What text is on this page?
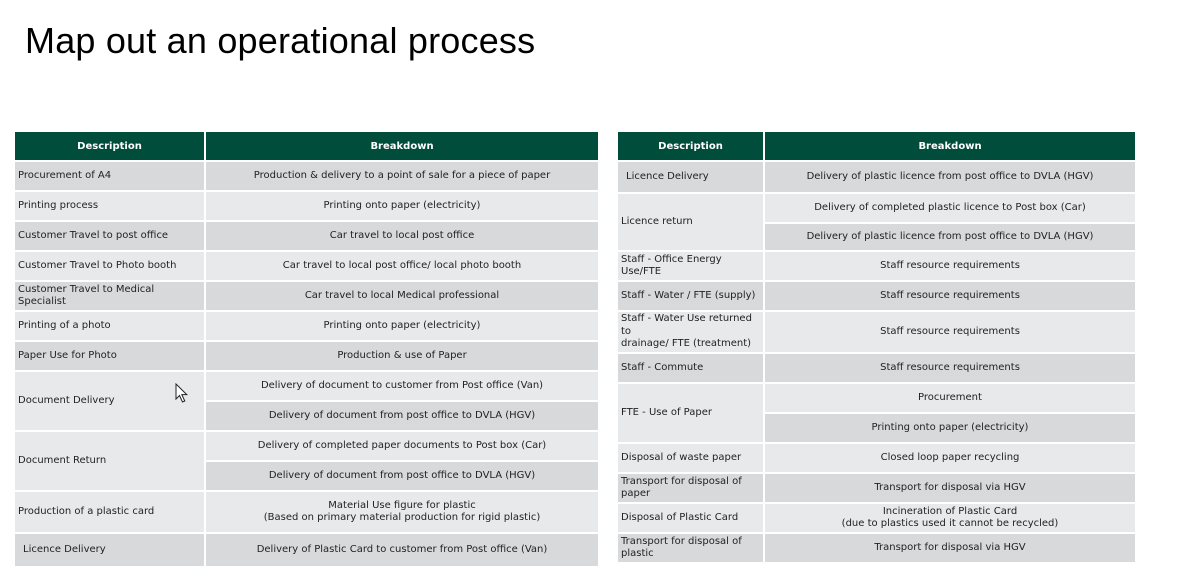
Map out an operational process
Description	Breakdown
Procurement of A4	Production & delivery to a point of sale for a piece of paper
Printing process	Printing onto paper (electricity)
Customer Travel to post office	Car travel to local post office
Customer Travel to Photo booth	Car travel to local post office/ local photo booth
Customer Travel to Medical Specialist	Car travel to local Medical professional
Printing of a photo	Printing onto paper (electricity)
Paper Use for Photo	Production & use of Paper
Document Delivery	Delivery of document to customer from Post office (Van)
	Delivery of document from post office to DVLA (HGV)
Document Return	Delivery of completed paper documents to Post box (Car)
	Delivery of document from post office to DVLA (HGV)
Production of a plastic card	Material Use figure for plastic
(Based on primary material production for rigid plastic)
Licence Delivery	Delivery of Plastic Card to customer from Post office (Van)
Description	Breakdown
Licence Delivery	Delivery of plastic licence from post office to DVLA (HGV)
Licence return	Delivery of completed plastic licence to Post box (Car)
	Delivery of plastic licence from post office to DVLA (HGV)
Staff - Office Energy Use/FTE	Staff resource requirements
Staff - Water / FTE (supply)	Staff resource requirements
Staff - Water Use returned to
drainage/ FTE (treatment)	Staff resource requirements
Staff - Commute	Staff resource requirements
FTE - Use of Paper	Procurement
	Printing onto paper (electricity)
Disposal of waste paper	Closed loop paper recycling
Transport for disposal of paper	Transport for disposal via HGV
Disposal of Plastic Card	Incineration of Plastic Card
(due to plastics used it cannot be recycled)
Transport for disposal of plastic	Transport for disposal via HGV
